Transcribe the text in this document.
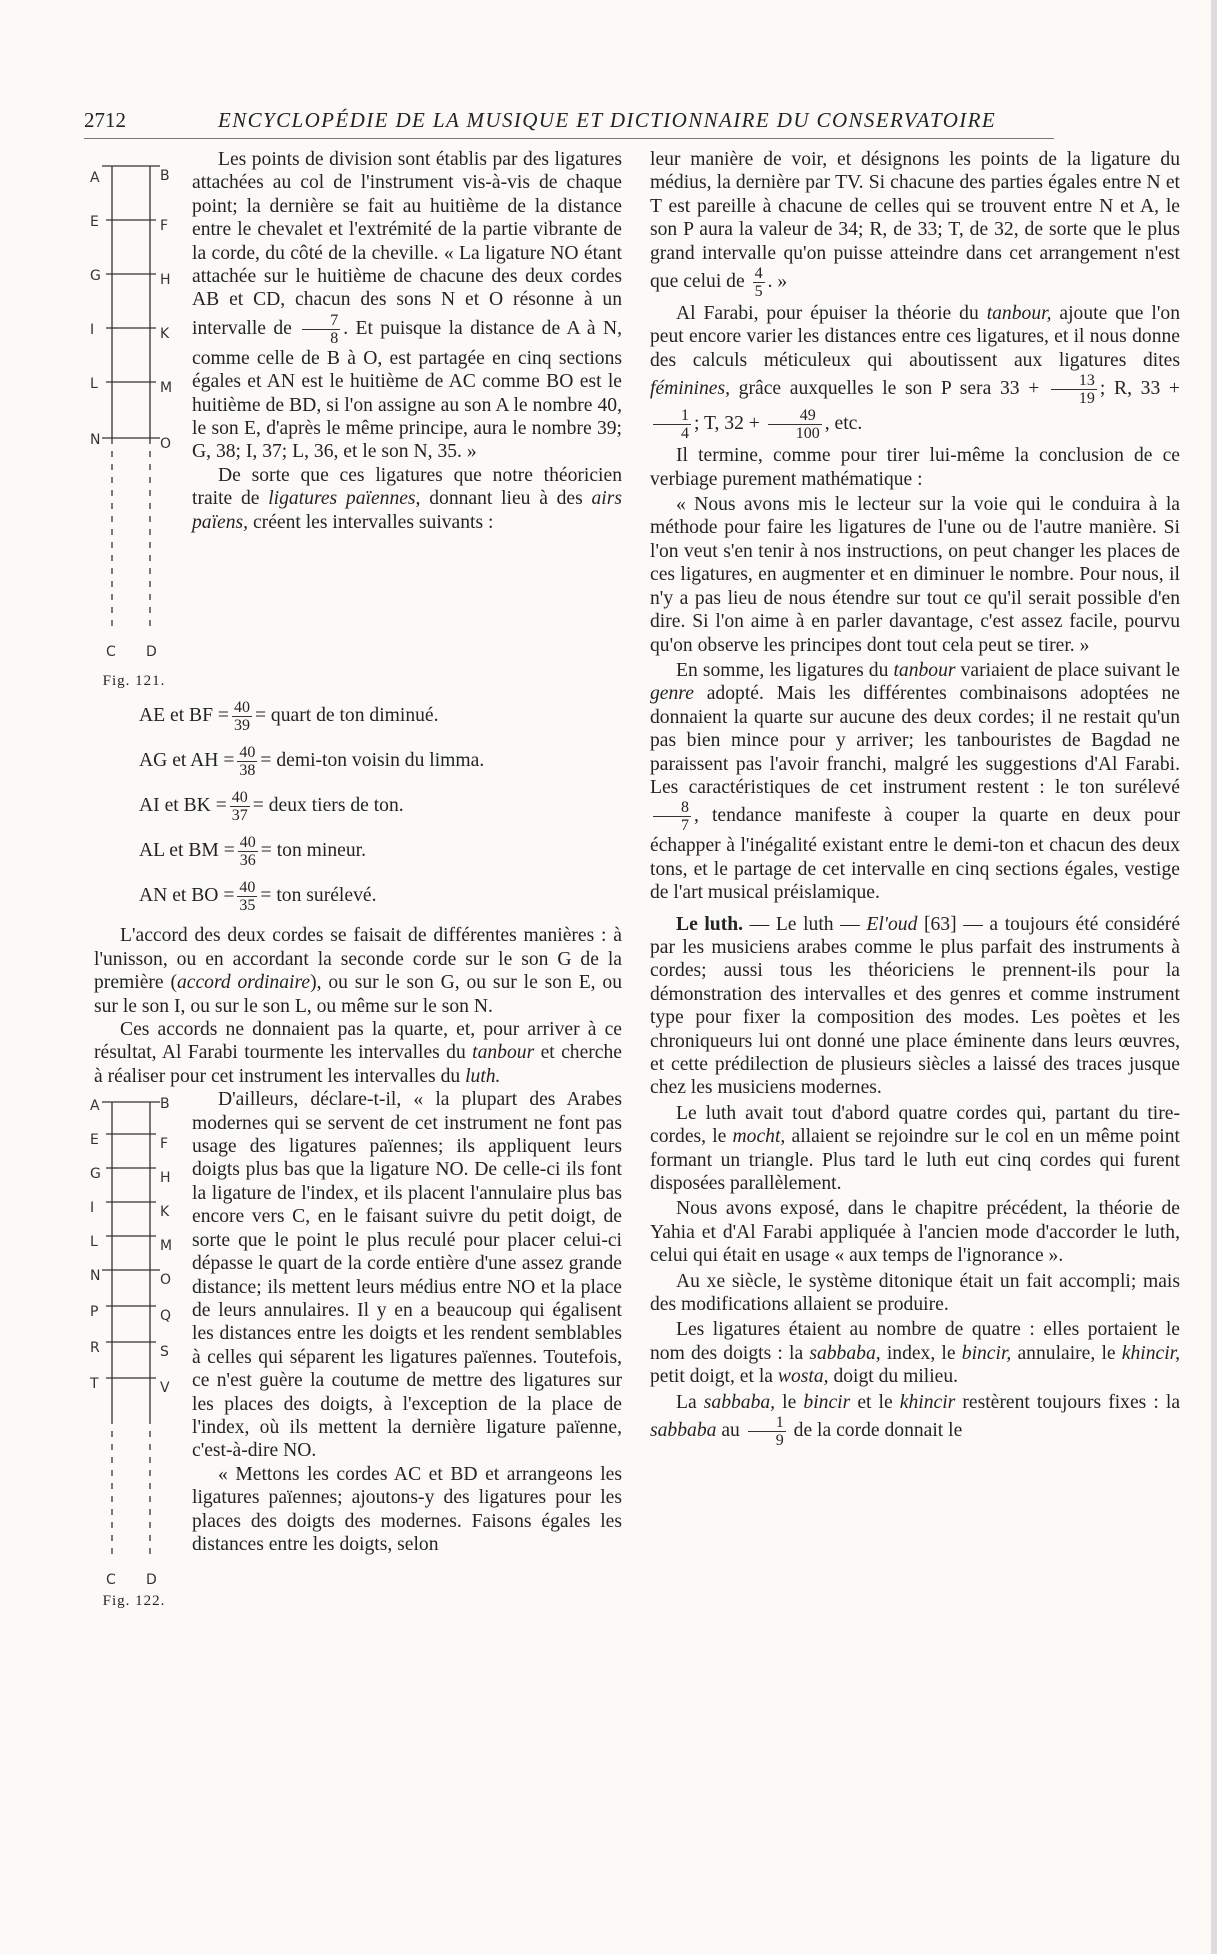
2712	ENCYCLOPÉDIE DE LA MUSIQUE ET DICTIONNAIRE DU CONSERVATOIRE
A
E
G
I
L
N
B
F
H
K
M
O
C D
Fig. 121.

Les points de division sont établis par des ligatures attachées au col de l'instrument vis-à-vis de chaque point; la dernière se fait au huitième de la distance entre le chevalet et l'extrémité de la partie vibrante de la corde, du côté de la cheville. « La ligature NO étant attachée sur le huitième de chacune des deux cordes AB et CD, chacun des sons N et O résonne à un intervalle de $\frac{7}{8}$ . Et puisque la distance de A à N, comme celle de B à O, est partagée en cinq sections égales et AN est le huitième de AC comme BO est le huitième de BD, si l'on assigne au son A le nombre 40, le son E, d'après le même principe, aura le nombre 39; G, 38; I, 37; L, 36, et le son N, 35. »

De sorte que ces ligatures que notre théoricien traite de ligatures païennes, donnant lieu à des airs païens, créent les intervalles suivants :

AE et BF = $\frac{40}{39}$ = quart de ton diminué.

AG et AH = $\frac{40}{38}$ = demi-ton voisin du limma.

AI et BK = $\frac{40}{37}$ = deux tiers de ton.

AL et BM = $\frac{40}{36}$ = ton mineur.

AN et BO = $\frac{40}{35}$ = ton surélevé.

L'accord des deux cordes se faisait de différentes manières : à l'unisson, ou en accordant la seconde corde sur le son G de la première (accord ordinaire), ou sur le son G, ou sur le son E, ou sur le son I, ou sur le son L, ou même sur le son N.

Ces accords ne donnaient pas la quarte, et, pour arriver à ce résultat, Al Farabi tourmente les intervalles du tanbour et cherche à réaliser pour cet instrument les intervalles du luth.

A
E
G
I
L
N
P
R
T
B
F
H
K
M
O
Q
S
V
C D
Fig. 122.

D'ailleurs, déclare-t-il, « la plupart des Arabes modernes qui se servent de cet instrument ne font pas usage des ligatures païennes; ils appliquent leurs doigts plus bas que la ligature NO. De celle-ci ils font la ligature de l'index, et ils placent l'annulaire plus bas encore vers C, en le faisant suivre du petit doigt, de sorte que le point le plus reculé pour placer celui-ci dépasse le quart de la corde entière d'une assez grande distance; ils mettent leurs médius entre NO et la place de leurs annulaires. Il y en a beaucoup qui égalisent les distances entre les doigts et les rendent semblables à celles qui séparent les ligatures païennes. Toutefois, ce n'est guère la coutume de mettre des ligatures sur les places des doigts, à l'exception de la place de l'index, où ils mettent la dernière ligature païenne, c'est-à-dire NO.

« Mettons les cordes AC et BD et arrangeons les ligatures païennes; ajoutons-y des ligatures pour les places des doigts des modernes. Faisons égales les distances entre les doigts, selon

leur manière de voir, et désignons les points de la ligature du médius, la dernière par TV. Si chacune des parties égales entre N et T est pareille à chacune de celles qui se trouvent entre N et A, le son P aura la valeur de 34; R, de 33; T, de 32, de sorte que le plus grand intervalle qu'on puisse atteindre dans cet arrangement n'est que celui de $\frac{4}{5}$ . »

Al Farabi, pour épuiser la théorie du tanbour, ajoute que l'on peut encore varier les distances entre ces ligatures, et il nous donne des calculs méticuleux qui aboutissent aux ligatures dites féminines, grâce auxquelles le son P sera $33 + \frac{13}{19}$ ; R, 33 +
$\frac{1}{4}$ ; T, $32 + \frac{49}{100}$ , etc.

Il termine, comme pour tirer lui-même la conclusion de ce verbiage purement mathématique :

« Nous avons mis le lecteur sur la voie qui le conduira à la méthode pour faire les ligatures de l'une ou de l'autre manière. Si l'on veut s'en tenir à nos instructions, on peut changer les places de ces ligatures, en augmenter et en diminuer le nombre. Pour nous, il n'y a pas lieu de nous étendre sur tout ce qu'il serait possible d'en dire. Si l'on aime à en parler davantage, c'est assez facile, pourvu qu'on observe les principes dont tout cela peut se tirer. »

En somme, les ligatures du tanbour variaient de place suivant le genre adopté. Mais les différentes combinaisons adoptées ne donnaient la quarte sur aucune des deux cordes; il ne restait qu'un pas bien mince pour y arriver; les tanbouristes de Bagdad ne paraissent pas l'avoir franchi, malgré les suggestions d'Al Farabi. Les caractéristiques de cet instrument restent : le ton surélevé
$\frac{8}{7}$ , tendance manifeste à couper la quarte en deux pour échapper à l'inégalité existant entre le demi-ton et chacun des deux tons, et le partage de cet intervalle en cinq sections égales, vestige de l'art musical préislamique.

Le luth. — Le luth — El'oud [63] — a toujours été considéré par les musiciens arabes comme le plus parfait des instruments à cordes; aussi tous les théoriciens le prennent-ils pour la démonstration des intervalles et des genres et comme instrument type pour fixer la composition des modes. Les poètes et les chroniqueurs lui ont donné une place éminente dans leurs œuvres, et cette prédilection de plusieurs siècles a laissé des traces jusque chez les musiciens modernes.

Le luth avait tout d'abord quatre cordes qui, partant du tire-cordes, le mocht, allaient se rejoindre sur le col en un même point formant un triangle. Plus tard le luth eut cinq cordes qui furent disposées parallèlement.

Nous avons exposé, dans le chapitre précédent, la théorie de Yahia et d'Al Farabi appliquée à l'ancien mode d'accorder le luth, celui qui était en usage « aux temps de l'ignorance ».

Au xe siècle, le système ditonique était un fait accompli; mais des modifications allaient se produire.

Les ligatures étaient au nombre de quatre : elles portaient le nom des doigts : la sabbaba, index, le bincir, annulaire, le khincir, petit doigt, et la wosta, doigt du milieu.

La sabbaba, le bincir et le khincir restèrent toujours fixes : la sabbaba au $\frac{1}{9}$ de la corde donnait le
